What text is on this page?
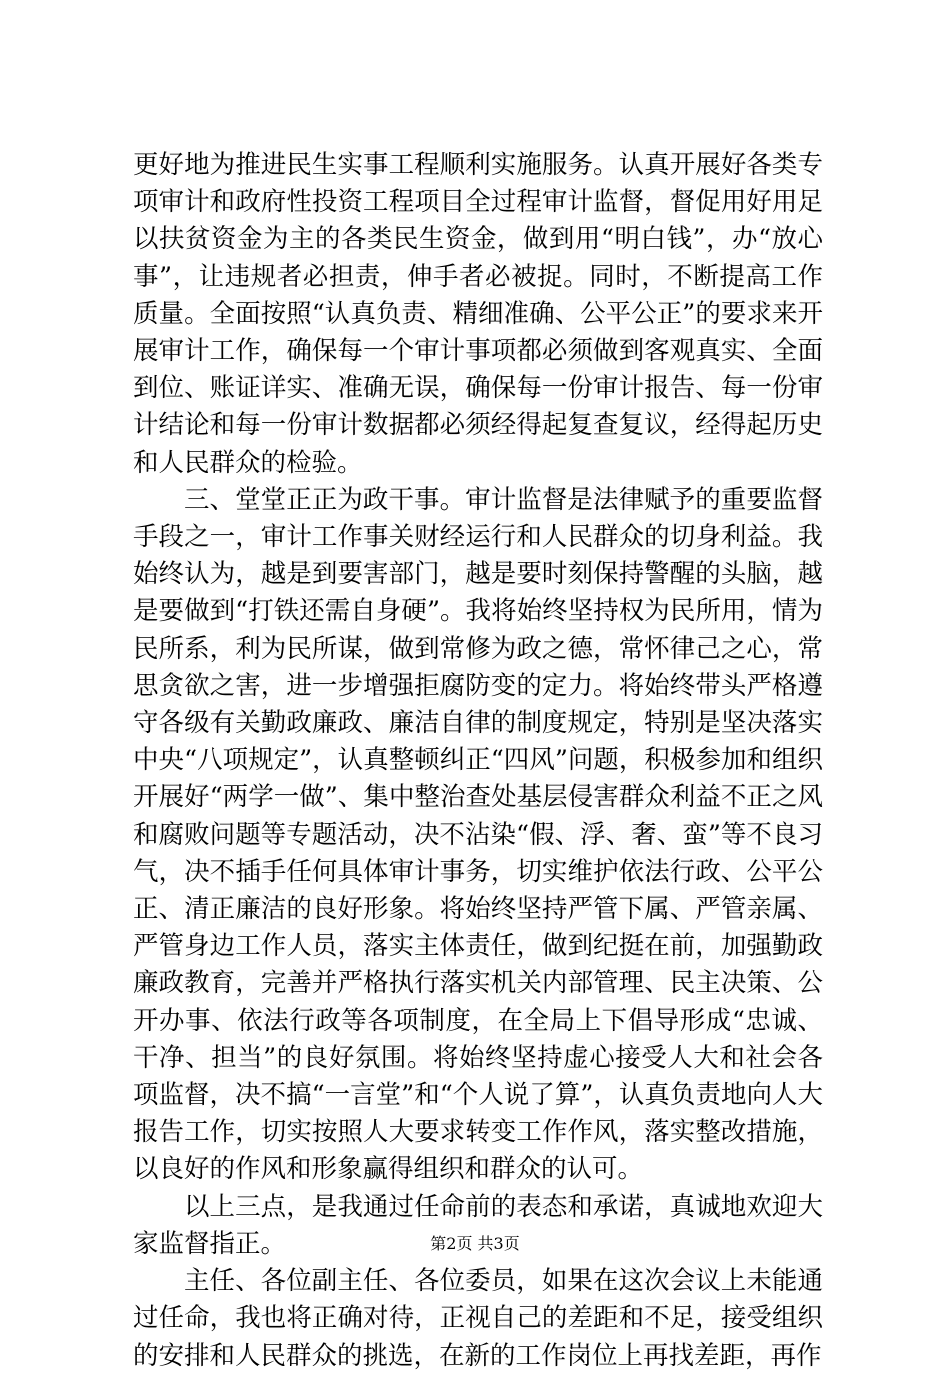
更好地为推进民生实事工程顺利实施服务。认真开展好各类专项审计和政府性投资工程项目全过程审计监督，督促用好用足以扶贫资金为主的各类民生资金，做到用“明白钱”，办“放心事”，让违规者必担责，伸手者必被捉。同时，不断提高工作质量。全面按照“认真负责、精细准确、公平公正”的要求来开展审计工作，确保每一个审计事项都必须做到客观真实、全面到位、账证详实、准确无误，确保每一份审计报告、每一份审计结论和每一份审计数据都必须经得起复查复议，经得起历史和人民群众的检验。

三、堂堂正正为政干事。审计监督是法律赋予的重要监督手段之一，审计工作事关财经运行和人民群众的切身利益。我始终认为，越是到要害部门，越是要时刻保持警醒的头脑，越是要做到“打铁还需自身硬”。我将始终坚持权为民所用，情为民所系，利为民所谋，做到常修为政之德，常怀律己之心，常思贪欲之害，进一步增强拒腐防变的定力。将始终带头严格遵守各级有关勤政廉政、廉洁自律的制度规定，特别是坚决落实中央“八项规定”，认真整顿纠正“四风”问题，积极参加和组织开展好“两学一做”、集中整治查处基层侵害群众利益不正之风和腐败问题等专题活动，决不沾染“假、浮、奢、蛮”等不良习气，决不插手任何具体审计事务，切实维护依法行政、公平公正、清正廉洁的良好形象。将始终坚持严管下属、严管亲属、严管身边工作人员，落实主体责任，做到纪挺在前，加强勤政廉政教育，完善并严格执行落实机关内部管理、民主决策、公开办事、依法行政等各项制度，在全局上下倡导形成“忠诚、干净、担当”的良好氛围。将始终坚持虚心接受人大和社会各项监督，决不搞“一言堂”和“个人说了算”，认真负责地向人大报告工作，切实按照人大要求转变工作作风，落实整改措施，以良好的作风和形象赢得组织和群众的认可。

以上三点，是我通过任命前的表态和承诺，真诚地欢迎大家监督指正。

主任、各位副主任、各位委员，如果在这次会议上未能通过任命，我也将正确对待，正视自己的差距和不足，接受组织的安排和人民群众的挑选，在新的工作岗位上再找差距，再作

第2页 共3页
